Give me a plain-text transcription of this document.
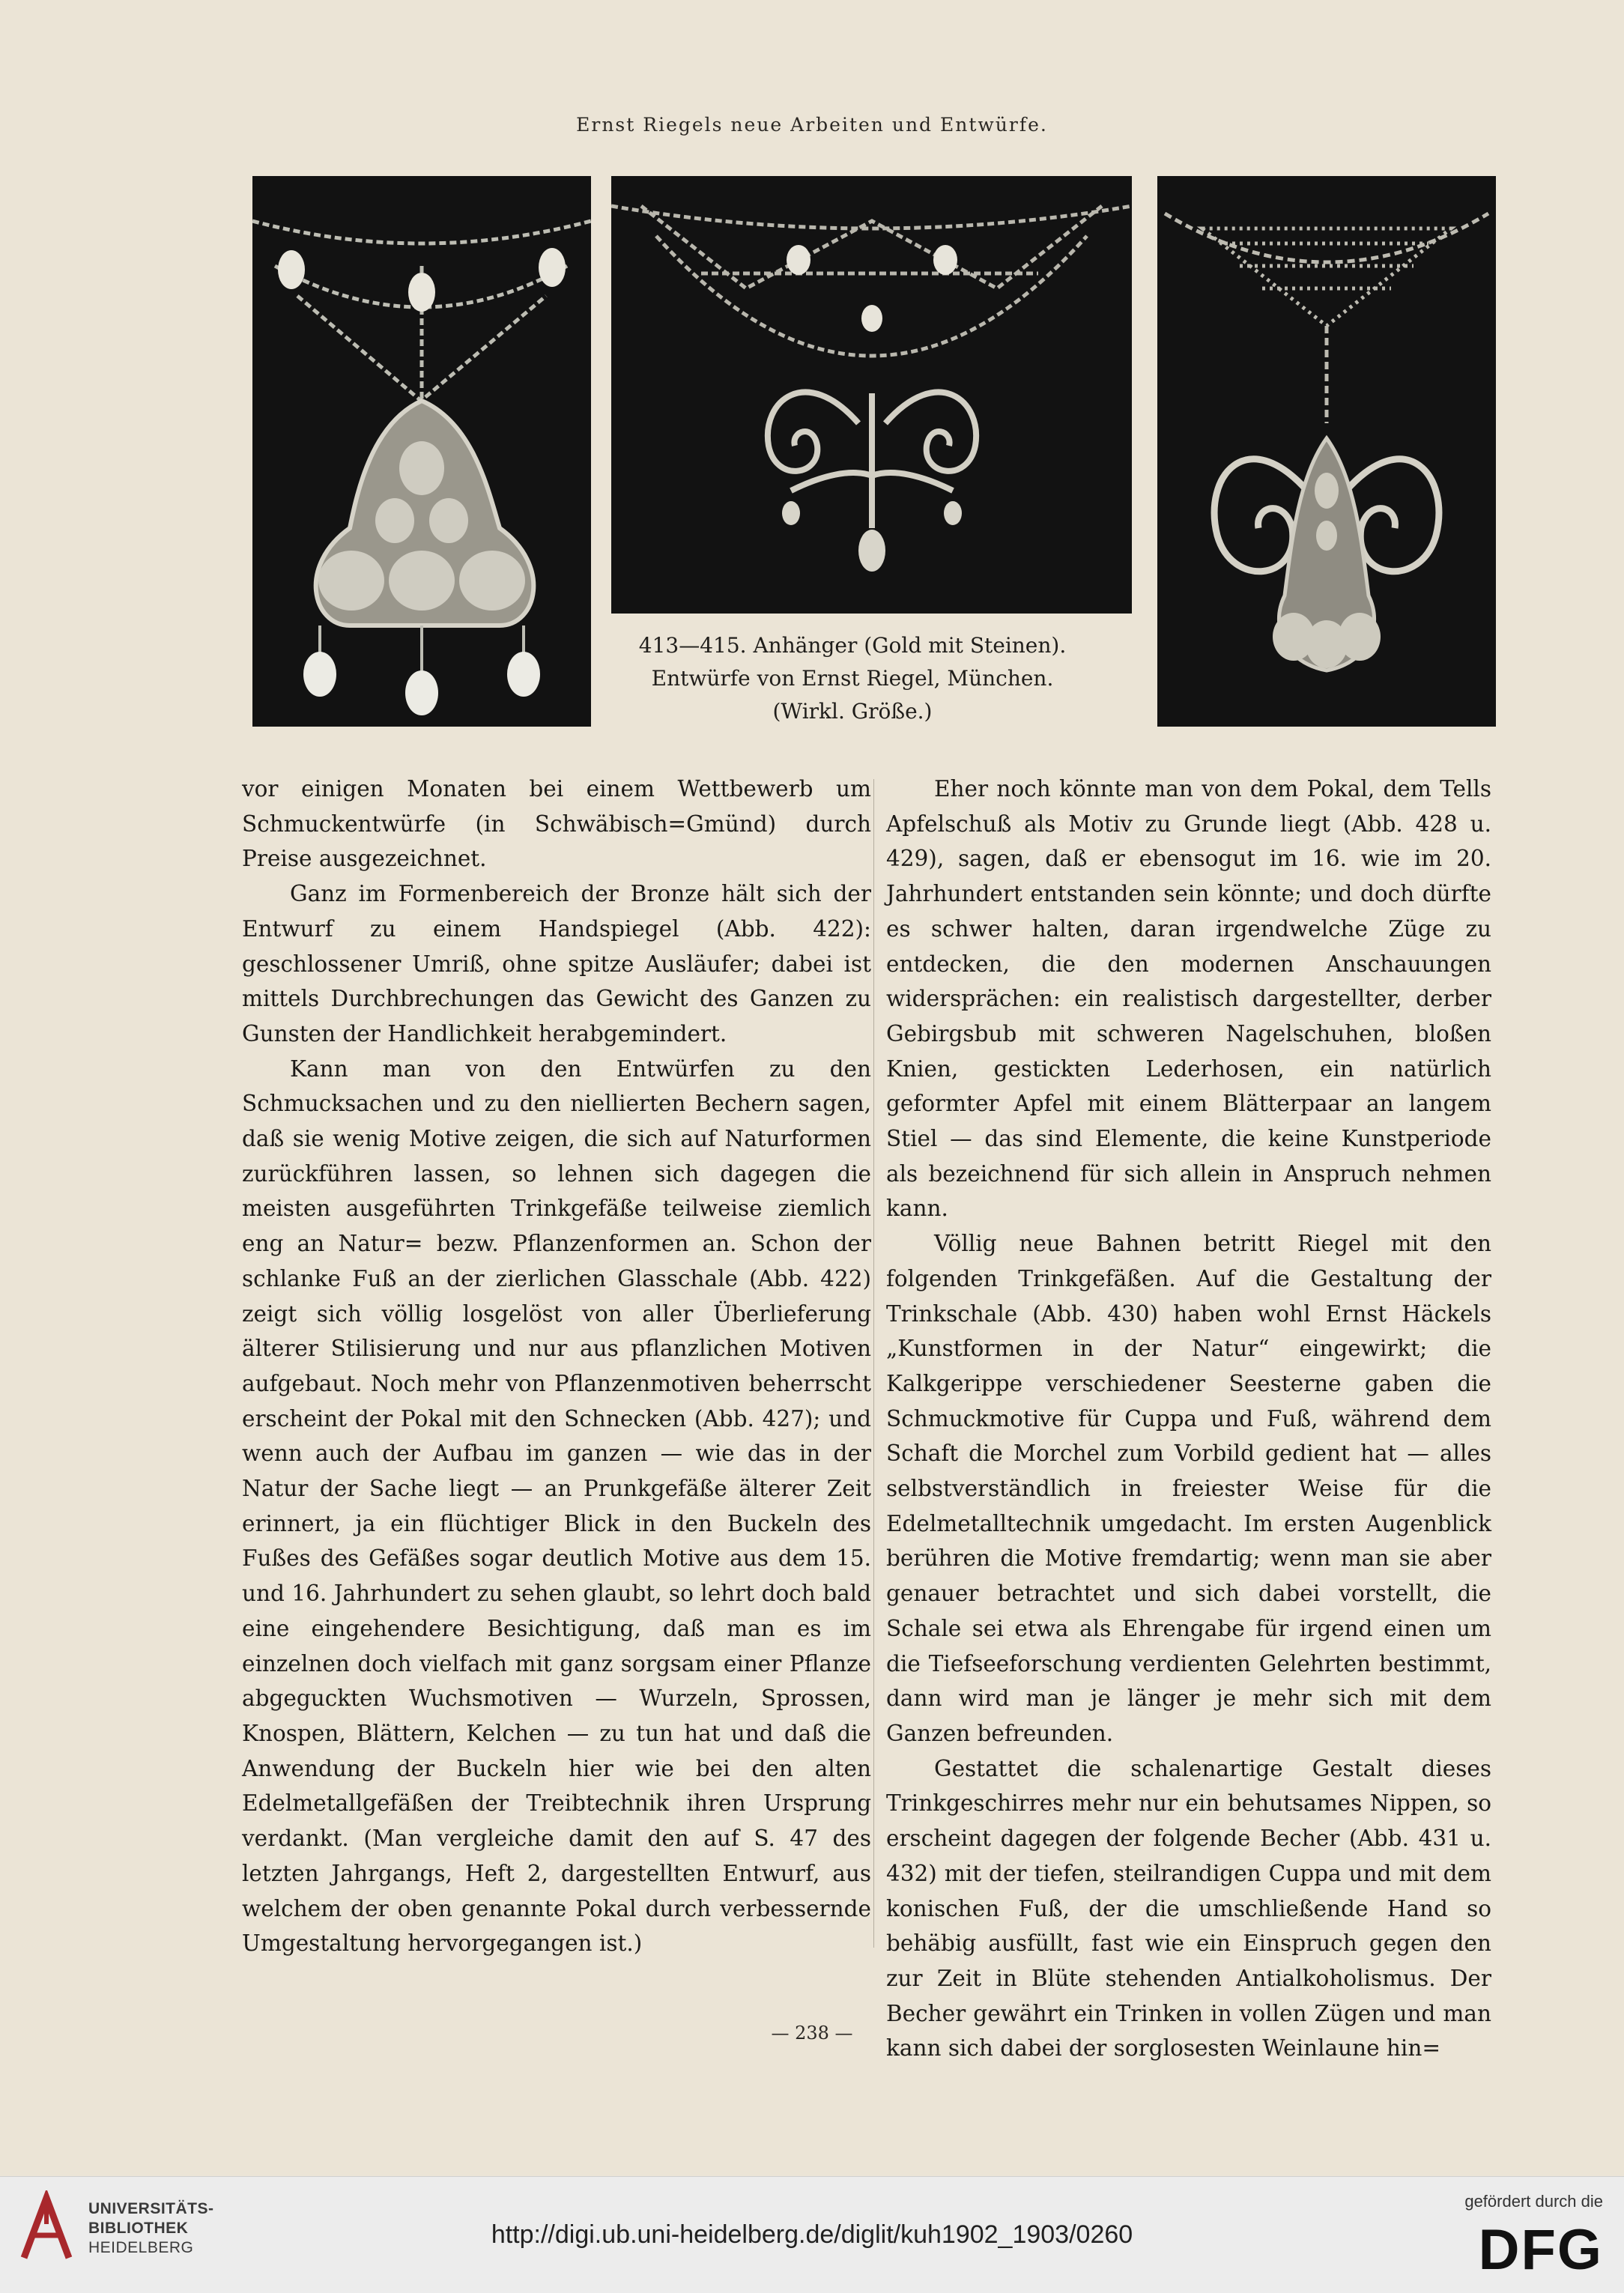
Ernst Riegels neue Arbeiten und Entwürfe.
413—415. Anhänger (Gold mit Steinen).
Entwürfe von Ernst Riegel, München.
(Wirkl. Größe.)

vor einigen Monaten bei einem Wettbewerb um Schmuckentwürfe (in Schwäbisch=Gmünd) durch Preise ausgezeichnet.

Ganz im Formenbereich der Bronze hält sich der Entwurf zu einem Handspiegel (Abb. 422): geschlossener Umriß, ohne spitze Ausläufer; dabei ist mittels Durchbrechungen das Gewicht des Ganzen zu Gunsten der Handlichkeit herabgemindert.

Kann man von den Entwürfen zu den Schmucksachen und zu den niellierten Bechern sagen, daß sie wenig Motive zeigen, die sich auf Naturformen zurückführen lassen, so lehnen sich dagegen die meisten ausgeführten Trinkgefäße teilweise ziemlich eng an Natur= bezw. Pflanzenformen an. Schon der schlanke Fuß an der zierlichen Glasschale (Abb. 422) zeigt sich völlig losgelöst von aller Überlieferung älterer Stilisierung und nur aus pflanzlichen Motiven aufgebaut. Noch mehr von Pflanzenmotiven beherrscht erscheint der Pokal mit den Schnecken (Abb. 427); und wenn auch der Aufbau im ganzen — wie das in der Natur der Sache liegt — an Prunkgefäße älterer Zeit erinnert, ja ein flüchtiger Blick in den Buckeln des Fußes des Gefäßes sogar deutlich Motive aus dem 15. und 16. Jahrhundert zu sehen glaubt, so lehrt doch bald eine eingehendere Besichtigung, daß man es im einzelnen doch vielfach mit ganz sorgsam einer Pflanze abgeguckten Wuchsmotiven — Wurzeln, Sprossen, Knospen, Blättern, Kelchen — zu tun hat und daß die Anwendung der Buckeln hier wie bei den alten Edelmetallgefäßen der Treibtechnik ihren Ursprung verdankt. (Man vergleiche damit den auf S. 47 des letzten Jahrgangs, Heft 2, dargestellten Entwurf, aus welchem der oben genannte Pokal durch verbessernde Umgestaltung hervorgegangen ist.)

Eher noch könnte man von dem Pokal, dem Tells Apfelschuß als Motiv zu Grunde liegt (Abb. 428 u. 429), sagen, daß er ebensogut im 16. wie im 20. Jahrhundert entstanden sein könnte; und doch dürfte es schwer halten, daran irgendwelche Züge zu entdecken, die den modernen Anschauungen widersprächen: ein realistisch dargestellter, derber Gebirgsbub mit schweren Nagelschuhen, bloßen Knien, gestickten Lederhosen, ein natürlich geformter Apfel mit einem Blätterpaar an langem Stiel — das sind Elemente, die keine Kunstperiode als bezeichnend für sich allein in Anspruch nehmen kann.

Völlig neue Bahnen betritt Riegel mit den folgenden Trinkgefäßen. Auf die Gestaltung der Trinkschale (Abb. 430) haben wohl Ernst Häckels „Kunstformen in der Natur“ eingewirkt; die Kalkgerippe verschiedener Seesterne gaben die Schmuckmotive für Cuppa und Fuß, während dem Schaft die Morchel zum Vorbild gedient hat — alles selbstverständlich in freiester Weise für die Edelmetalltechnik umgedacht. Im ersten Augenblick berühren die Motive fremdartig; wenn man sie aber genauer betrachtet und sich dabei vorstellt, die Schale sei etwa als Ehrengabe für irgend einen um die Tiefseeforschung verdienten Gelehrten bestimmt, dann wird man je länger je mehr sich mit dem Ganzen befreunden.

Gestattet die schalenartige Gestalt dieses Trinkgeschirres mehr nur ein behutsames Nippen, so erscheint dagegen der folgende Becher (Abb. 431 u. 432) mit der tiefen, steilrandigen Cuppa und mit dem konischen Fuß, der die umschließende Hand so behäbig ausfüllt, fast wie ein Einspruch gegen den zur Zeit in Blüte stehenden Antialkoholismus. Der Becher gewährt ein Trinken in vollen Zügen und man kann sich dabei der sorglosesten Weinlaune hin=

— 238 —
UNIVERSITÄTS-
BIBLIOTHEK
HEIDELBERG	http://digi.ub.uni-heidelberg.de/diglit/kuh1902_1903/0260
gefördert durch die
DFG
